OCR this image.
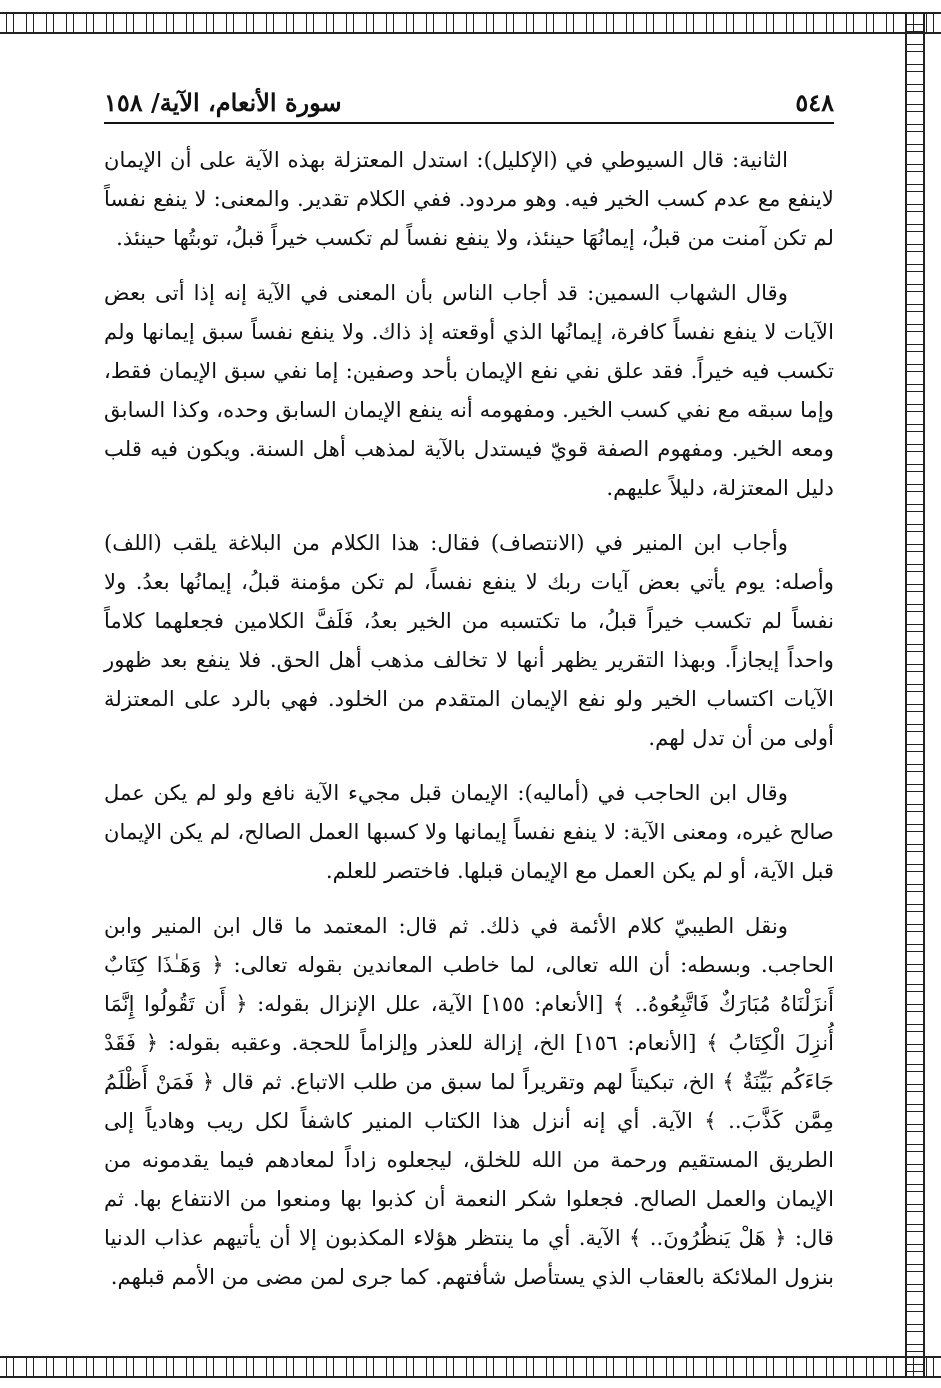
٥٤٨
سورة الأنعام، الآية/ ١٥٨

الثانية: قال السيوطي في (الإكليل): استدل المعتزلة بهذه الآية على أن الإيمان لاينفع مع عدم كسب الخير فيه. وهو مردود. ففي الكلام تقدير. والمعنى: لا ينفع نفساً لم تكن آمنت من قبلُ، إيمانُهَا حينئذ، ولا ينفع نفساً لم تكسب خيراً قبلُ، توبتُها حينئذ.

وقال الشهاب السمين: قد أجاب الناس بأن المعنى في الآية إنه إذا أتى بعض الآيات لا ينفع نفساً كافرة، إيمانُها الذي أوقعته إذ ذاك. ولا ينفع نفساً سبق إيمانها ولم تكسب فيه خيراً. فقد علق نفي نفع الإيمان بأحد وصفين: إما نفي سبق الإيمان فقط، وإما سبقه مع نفي كسب الخير. ومفهومه أنه ينفع الإيمان السابق وحده، وكذا السابق ومعه الخير. ومفهوم الصفة قويّ فيستدل بالآية لمذهب أهل السنة. ويكون فيه قلب دليل المعتزلة، دليلاً عليهم.

وأجاب ابن المنير في (الانتصاف) فقال: هذا الكلام من البلاغة يلقب (اللف) وأصله: يوم يأتي بعض آيات ربك لا ينفع نفساً، لم تكن مؤمنة قبلُ، إيمانُها بعدُ. ولا نفساً لم تكسب خيراً قبلُ، ما تكتسبه من الخير بعدُ، فَلَفَّ الكلامين فجعلهما كلاماً واحداً إيجازاً. وبهذا التقرير يظهر أنها لا تخالف مذهب أهل الحق. فلا ينفع بعد ظهور الآيات اكتساب الخير ولو نفع الإيمان المتقدم من الخلود. فهي بالرد على المعتزلة أولى من أن تدل لهم.

وقال ابن الحاجب في (أماليه): الإيمان قبل مجيء الآية نافع ولو لم يكن عمل صالح غيره، ومعنى الآية: لا ينفع نفساً إيمانها ولا كسبها العمل الصالح، لم يكن الإيمان قبل الآية، أو لم يكن العمل مع الإيمان قبلها. فاختصر للعلم.

ونقل الطيبيّ كلام الأئمة في ذلك. ثم قال: المعتمد ما قال ابن المنير وابن الحاجب. وبسطه: أن الله تعالى، لما خاطب المعاندين بقوله تعالى: ﴿ وَهَـٰذَا كِتَابٌ أَنزَلْنَاهُ مُبَارَكٌ فَاتَّبِعُوهُ.. ﴾ [الأنعام: ١٥٥] الآية، علل الإنزال بقوله: ﴿ أَن تَقُولُوا إِنَّمَا أُنزِلَ الْكِتَابُ ﴾ [الأنعام: ١٥٦] الخ، إزالة للعذر وإلزاماً للحجة. وعقبه بقوله: ﴿ فَقَدْ جَاءَكُم بَيِّنَةٌ ﴾ الخ، تبكيتاً لهم وتقريراً لما سبق من طلب الاتباع. ثم قال ﴿ فَمَنْ أَظْلَمُ مِمَّن كَذَّبَ.. ﴾ الآية. أي إنه أنزل هذا الكتاب المنير كاشفاً لكل ريب وهادياً إلى الطريق المستقيم ورحمة من الله للخلق، ليجعلوه زاداً لمعادهم فيما يقدمونه من الإيمان والعمل الصالح. فجعلوا شكر النعمة أن كذبوا بها ومنعوا من الانتفاع بها. ثم قال: ﴿ هَلْ يَنظُرُونَ.. ﴾ الآية. أي ما ينتظر هؤلاء المكذبون إلا أن يأتيهم عذاب الدنيا بنزول الملائكة بالعقاب الذي يستأصل شأفتهم. كما جرى لمن مضى من الأمم قبلهم.
